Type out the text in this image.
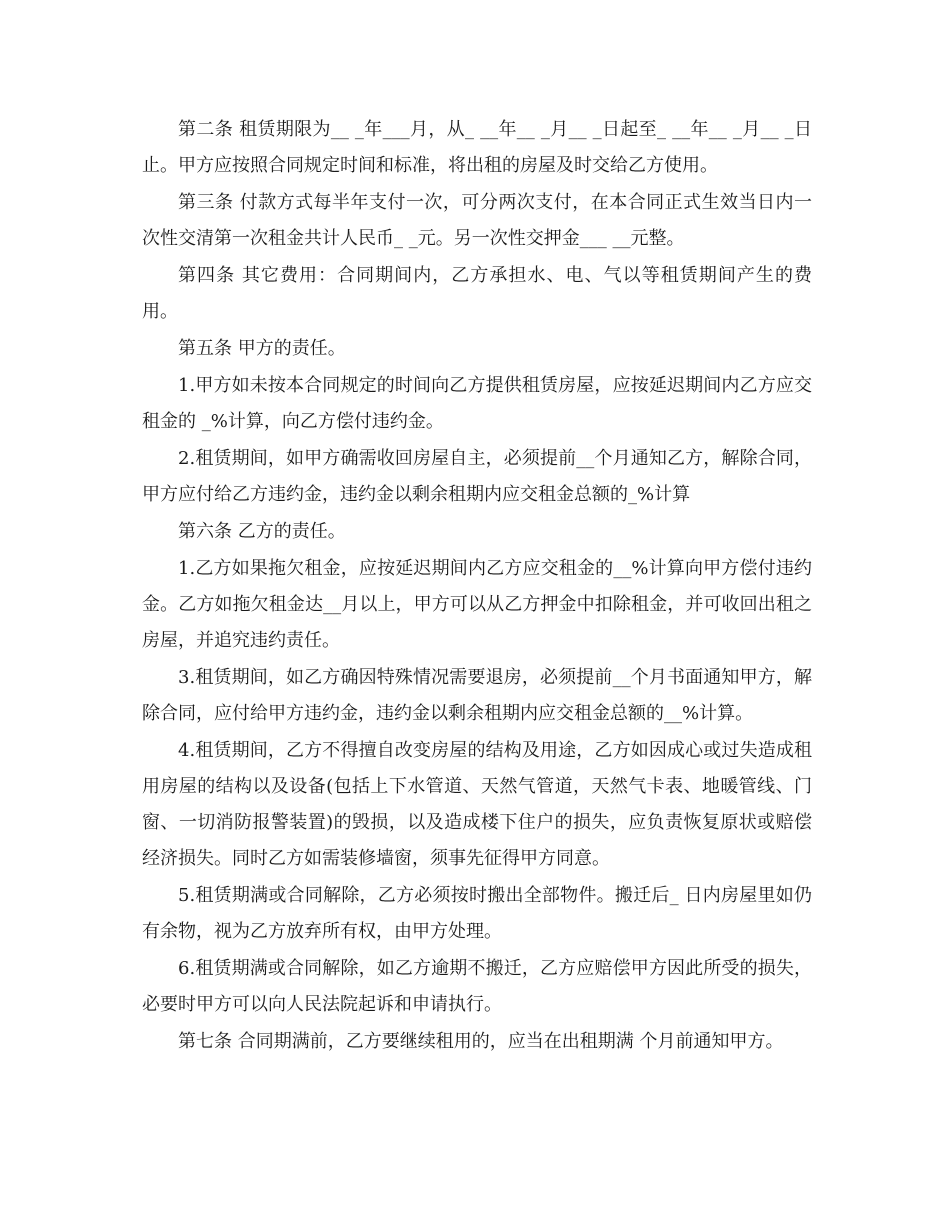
第二条 租赁期限为__ _年___月，从_ __年__ _月__ _日起至_ __年__ _月__ _日止。甲方应按照合同规定时间和标准，将出租的房屋及时交给乙方使用。

第三条 付款方式每半年支付一次，可分两次支付，在本合同正式生效当日内一次性交清第一次租金共计人民币_ _元。另一次性交押金___ __元整。

第四条 其它费用：合同期间内，乙方承担水、电、气以等租赁期间产生的费用。

第五条 甲方的责任。

1.甲方如未按本合同规定的时间向乙方提供租赁房屋，应按延迟期间内乙方应交租金的 _%计算，向乙方偿付违约金。

2.租赁期间，如甲方确需收回房屋自主，必须提前__个月通知乙方，解除合同，甲方应付给乙方违约金，违约金以剩余租期内应交租金总额的_%计算

第六条 乙方的责任。

1.乙方如果拖欠租金，应按延迟期间内乙方应交租金的__%计算向甲方偿付违约金。乙方如拖欠租金达__月以上，甲方可以从乙方押金中扣除租金，并可收回出租之房屋，并追究违约责任。

3.租赁期间，如乙方确因特殊情况需要退房，必须提前__个月书面通知甲方，解除合同，应付给甲方违约金，违约金以剩余租期内应交租金总额的__%计算。

4.租赁期间，乙方不得擅自改变房屋的结构及用途，乙方如因成心或过失造成租用房屋的结构以及设备(包括上下水管道、天然气管道，天然气卡表、地暖管线、门窗、一切消防报警装置)的毁损，以及造成楼下住户的损失，应负责恢复原状或赔偿经济损失。同时乙方如需装修墙窗，须事先征得甲方同意。

5.租赁期满或合同解除，乙方必须按时搬出全部物件。搬迁后_ 日内房屋里如仍有余物，视为乙方放弃所有权，由甲方处理。

6.租赁期满或合同解除，如乙方逾期不搬迁，乙方应赔偿甲方因此所受的损失，必要时甲方可以向人民法院起诉和申请执行。

第七条 合同期满前，乙方要继续租用的，应当在出租期满 个月前通知甲方。
